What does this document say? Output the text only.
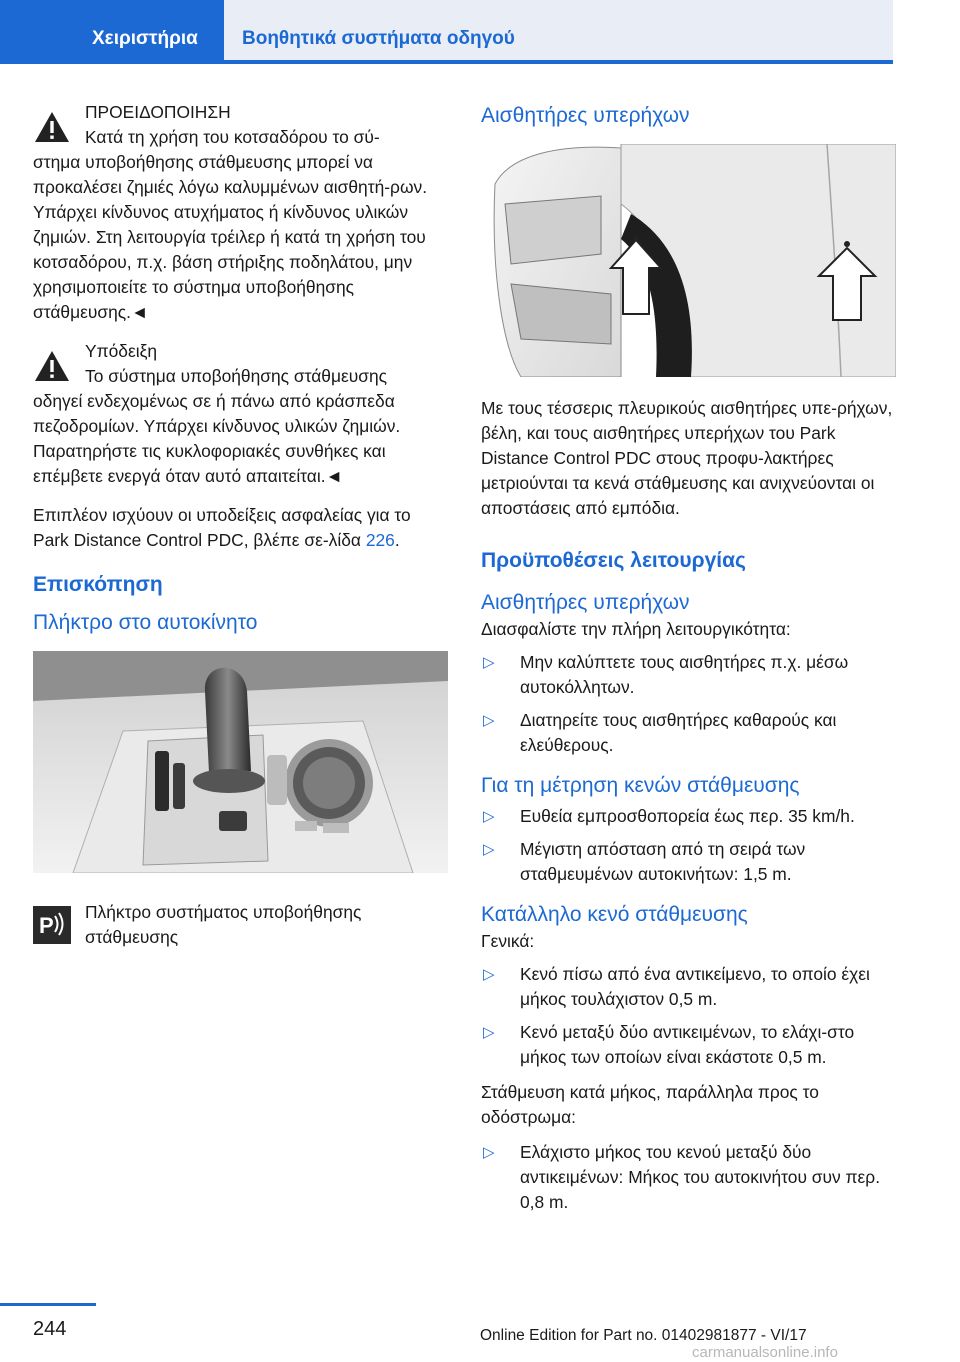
Χειριστήρια Βοηθητικά συστήματα οδηγού

ΠΡΟΕΙΔΟΠΟΙΗΣΗ

Κατά τη χρήση του κοτσαδόρου το σύ-

στημα υποβοήθησης στάθμευσης μπορεί να προκαλέσει ζημιές λόγω καλυμμένων αισθητή-ρων. Υπάρχει κίνδυνος ατυχήματος ή κίνδυνος υλικών ζημιών. Στη λειτουργία τρέιλερ ή κατά τη χρήση του κοτσαδόρου, π.χ. βάση στήριξης ποδηλάτου, μην χρησιμοποιείτε το σύστημα υποβοήθησης στάθμευσης.◄

Υπόδειξη

Το σύστημα υποβοήθησης στάθμευσης

οδηγεί ενδεχομένως σε ή πάνω από κράσπεδα πεζοδρομίων. Υπάρχει κίνδυνος υλικών ζημιών. Παρατηρήστε τις κυκλοφοριακές συνθήκες και επέμβετε ενεργά όταν αυτό απαιτείται.◄

Επιπλέον ισχύουν οι υποδείξεις ασφαλείας για το Park Distance Control PDC, βλέπε σε-λίδα 226.

Επισκόπηση
Πλήκτρο στο αυτοκίνητο
P

Πλήκτρο συστήματος υποβοήθησης στάθμευσης

Αισθητήρες υπερήχων

Με τους τέσσερις πλευρικούς αισθητήρες υπε-ρήχων, βέλη, και τους αισθητήρες υπερήχων του Park Distance Control PDC στους προφυ-λακτήρες μετριούνται τα κενά στάθμευσης και ανιχνεύονται οι αποστάσεις από εμπόδια.

Προϋποθέσεις λειτουργίας
Αισθητήρες υπερήχων

Διασφαλίστε την πλήρη λειτουργικότητα:

▷ Μην καλύπτετε τους αισθητήρες π.χ. μέσω αυτοκόλλητων.
▷ Διατηρείτε τους αισθητήρες καθαρούς και ελεύθερους.
Για τη μέτρηση κενών στάθμευσης
▷ Ευθεία εμπροσθοπορεία έως περ. 35 km/h.
▷ Μέγιστη απόσταση από τη σειρά των σταθμευμένων αυτοκινήτων: 1,5 m.
Κατάλληλο κενό στάθμευσης

Γενικά:

▷ Κενό πίσω από ένα αντικείμενο, το οποίο έχει μήκος τουλάχιστον 0,5 m.
▷ Κενό μεταξύ δύο αντικειμένων, το ελάχι-στο μήκος των οποίων είναι εκάστοτε 0,5 m.

Στάθμευση κατά μήκος, παράλληλα προς το οδόστρωμα:

▷ Ελάχιστο μήκος του κενού μεταξύ δύο αντικειμένων: Μήκος του αυτοκινήτου συν περ. 0,8 m.
244	Online Edition for Part no. 01402981877 - VI/17
carmanualsonline.info
